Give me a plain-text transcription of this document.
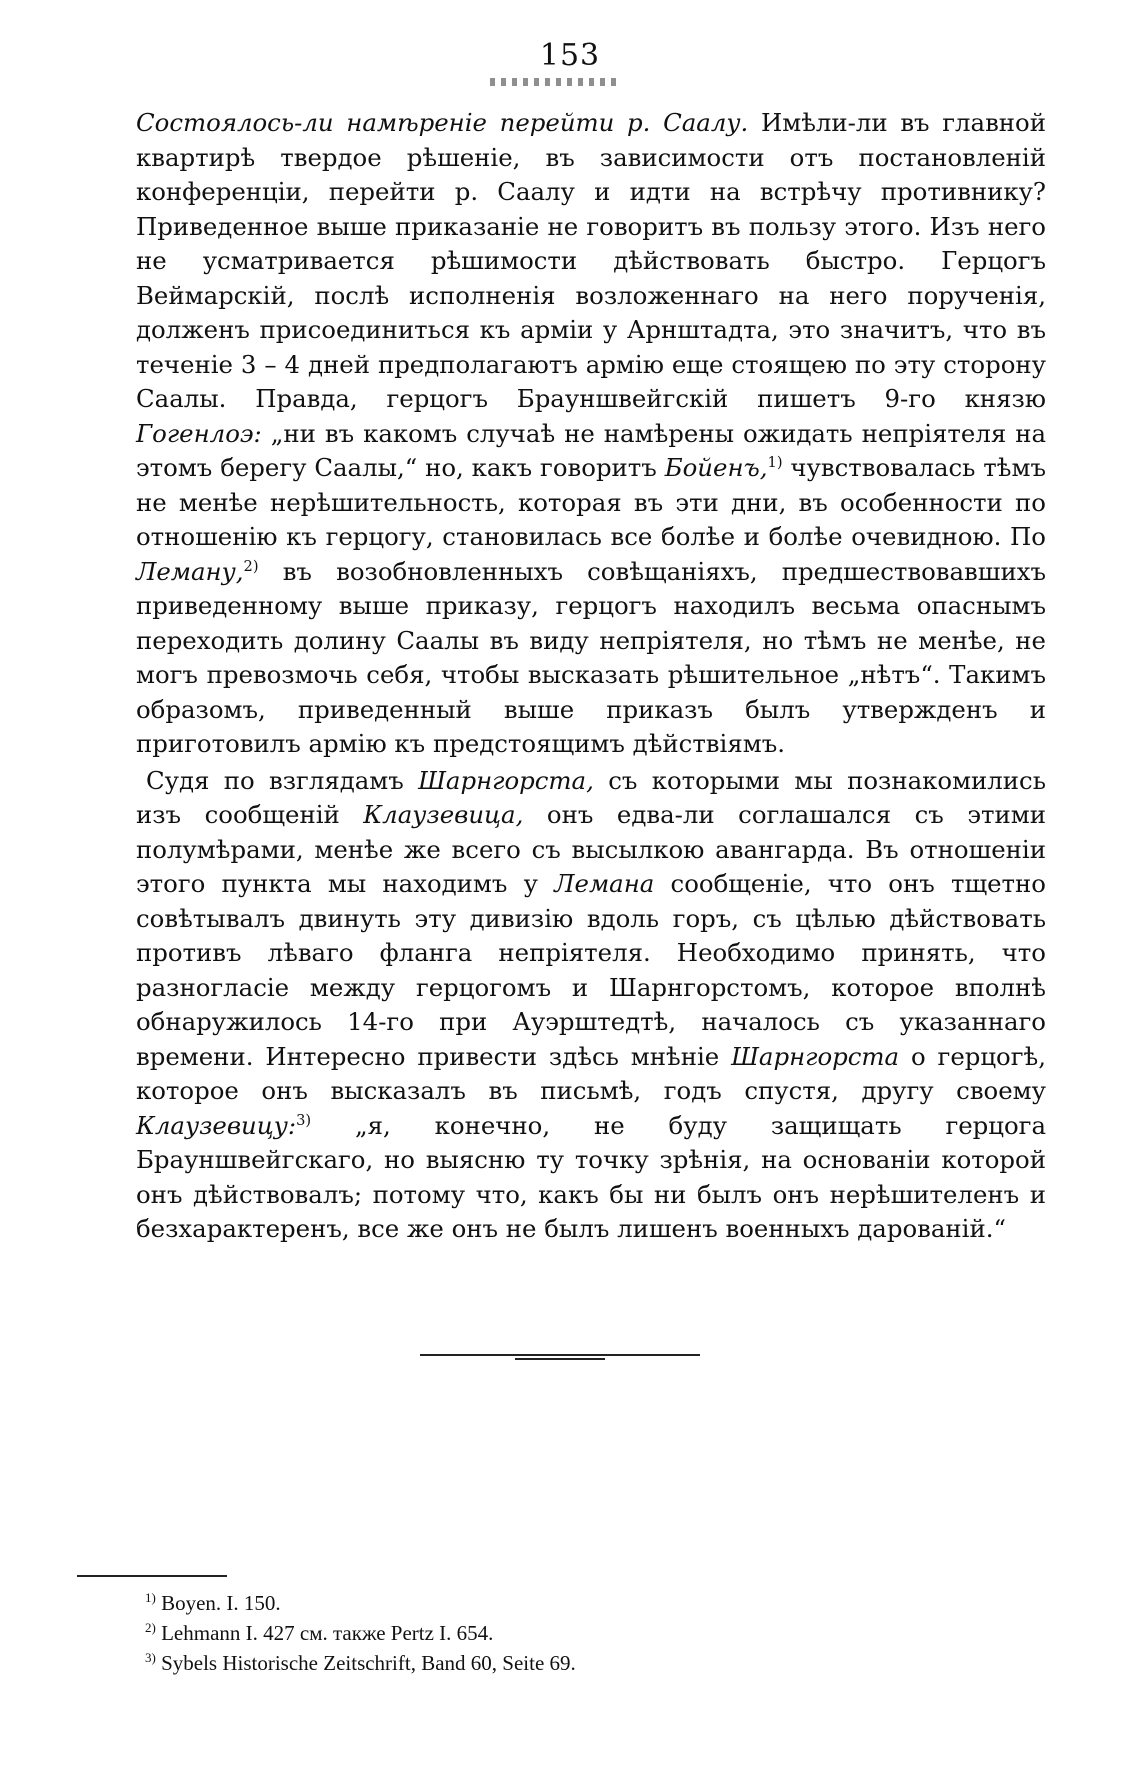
153

Состоялось-ли намѣреніе перейти р. Саалу. Имѣли-ли въ главной квартирѣ твердое рѣшеніе, въ зависимости отъ постановленій конференціи, перейти р. Саалу и идти на встрѣчу противнику? Приведенное выше приказаніе не говоритъ въ пользу этого. Изъ него не усматривается рѣшимости дѣйствовать быстро. Герцогъ Веймарскій, послѣ исполненія возложеннаго на него порученія, долженъ присоединиться къ арміи у Арнштадта, это значитъ, что въ теченіе 3 – 4 дней предполагаютъ армію еще стоящею по эту сторону Саалы. Правда, герцогъ Брауншвейгскій пишетъ 9-го князю Гогенлоэ: „ни въ какомъ случаѣ не намѣрены ожидать непріятеля на этомъ берегу Саалы,“ но, какъ говоритъ Бойенъ,$^{1)}$ чувствовалась тѣмъ не менѣе нерѣшительность, которая въ эти дни, въ особенности по отношенію къ герцогу, становилась все болѣе и болѣе очевидною. По Леману,$^{2)}$ въ возобновленныхъ совѣщаніяхъ, предшествовавшихъ приведенному выше приказу, герцогъ находилъ весьма опаснымъ переходить долину Саалы въ виду непріятеля, но тѣмъ не менѣе, не могъ превозмочь себя, чтобы высказать рѣшительное „нѣтъ“. Такимъ образомъ, приведенный выше приказъ былъ утвержденъ и приготовилъ армію къ предстоящимъ дѣйствіямъ.

Судя по взглядамъ Шарнгорста, съ которыми мы познакомились изъ сообщеній Клаузевица, онъ едва-ли соглашался съ этими полумѣрами, менѣе же всего съ высылкою авангарда. Въ отношеніи этого пункта мы находимъ у Лемана сообщеніе, что онъ тщетно совѣтывалъ двинуть эту дивизію вдоль горъ, съ цѣлью дѣйствовать противъ лѣваго фланга непріятеля. Необходимо принять, что разногласіе между герцогомъ и Шарнгорстомъ, которое вполнѣ обнаружилось 14-го при Ауэрштедтѣ, началось съ указаннаго времени. Интересно привести здѣсь мнѣніе Шарнгорста о герцогѣ, которое онъ высказалъ въ письмѣ, годъ спустя, другу своему Клаузевицу:$^{3)}$ „я, конечно, не буду защищать герцога Брауншвейгскаго, но выясню ту точку зрѣнія, на основаніи которой онъ дѣйствовалъ; потому что, какъ бы ни былъ онъ нерѣшителенъ и безхарактеренъ, все же онъ не былъ лишенъ военныхъ дарованій.“

$^{1)}$ Boyen. I. 150.
$^{2)}$ Lehmann I. 427 см. также Pertz I. 654.
$^{3)}$ Sybels Historische Zeitschrift, Band 60, Seite 69.
